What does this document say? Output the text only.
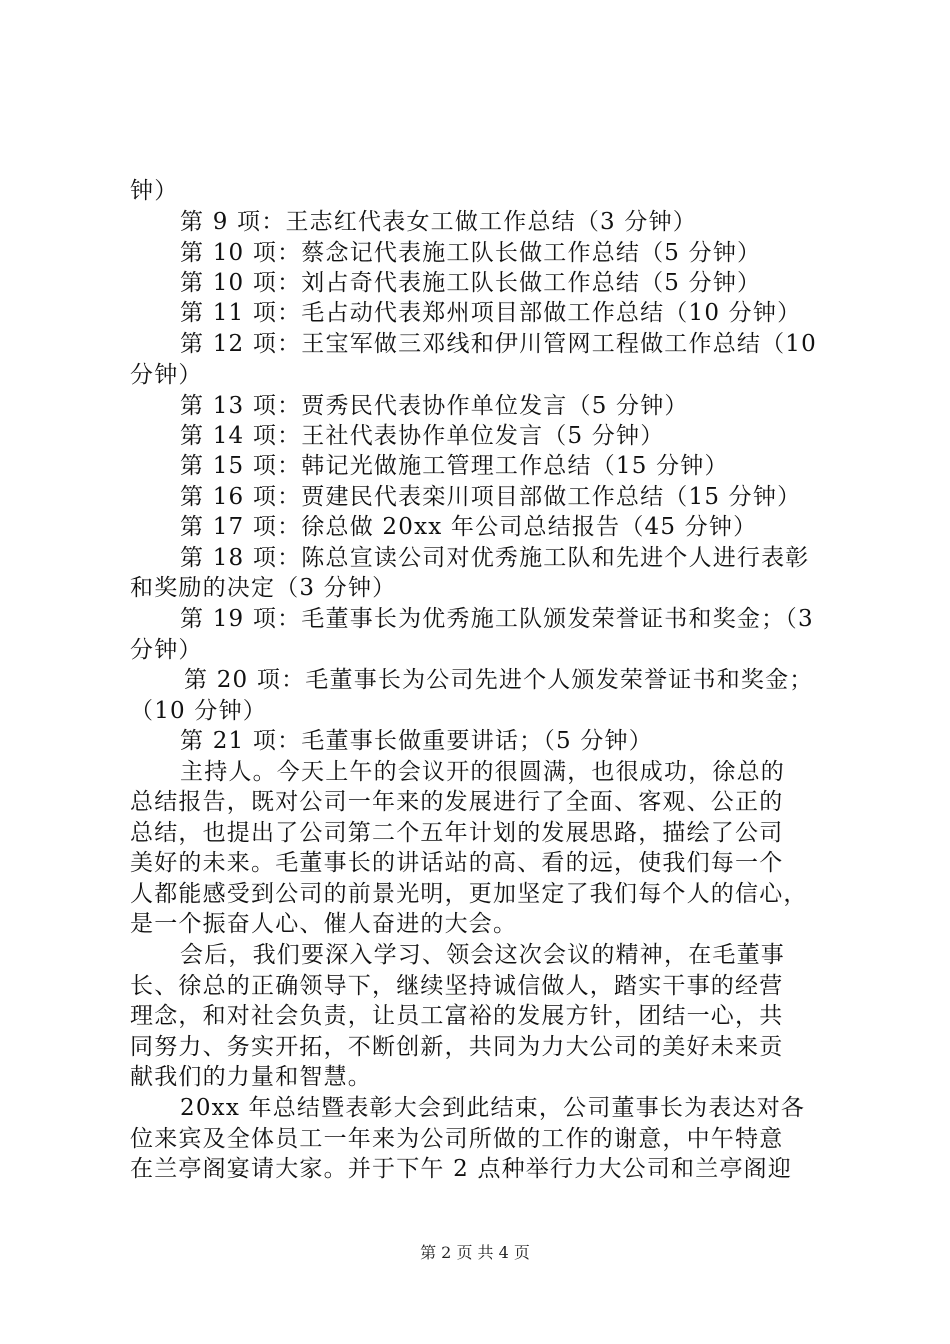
钟）
第 9 项：王志红代表女工做工作总结（3 分钟）
第 10 项：蔡念记代表施工队长做工作总结（5 分钟）
第 10 项：刘占奇代表施工队长做工作总结（5 分钟）
第 11 项：毛占动代表郑州项目部做工作总结（10 分钟）
第 12 项：王宝军做三邓线和伊川管网工程做工作总结（10
分钟）
第 13 项：贾秀民代表协作单位发言（5 分钟）
第 14 项：王社代表协作单位发言（5 分钟）
第 15 项：韩记光做施工管理工作总结（15 分钟）
第 16 项：贾建民代表栾川项目部做工作总结（15 分钟）
第 17 项：徐总做 20xx 年公司总结报告（45 分钟）
第 18 项：陈总宣读公司对优秀施工队和先进个人进行表彰
和奖励的决定（3 分钟）
第 19 项：毛董事长为优秀施工队颁发荣誉证书和奖金；（3
分钟）
第 20 项：毛董事长为公司先进个人颁发荣誉证书和奖金；
（10 分钟）
第 21 项：毛董事长做重要讲话；（5 分钟）
主持人。今天上午的会议开的很圆满，也很成功，徐总的
总结报告，既对公司一年来的发展进行了全面、客观、公正的
总结，也提出了公司第二个五年计划的发展思路，描绘了公司
美好的未来。毛董事长的讲话站的高、看的远，使我们每一个
人都能感受到公司的前景光明，更加坚定了我们每个人的信心，
是一个振奋人心、催人奋进的大会。
会后，我们要深入学习、领会这次会议的精神，在毛董事
长、徐总的正确领导下，继续坚持诚信做人，踏实干事的经营
理念，和对社会负责，让员工富裕的发展方针，团结一心，共
同努力、务实开拓，不断创新，共同为力大公司的美好未来贡
献我们的力量和智慧。
20xx 年总结暨表彰大会到此结束，公司董事长为表达对各
位来宾及全体员工一年来为公司所做的工作的谢意，中午特意
在兰亭阁宴请大家。并于下午 2 点种举行力大公司和兰亭阁迎
第 2 页 共 4 页
